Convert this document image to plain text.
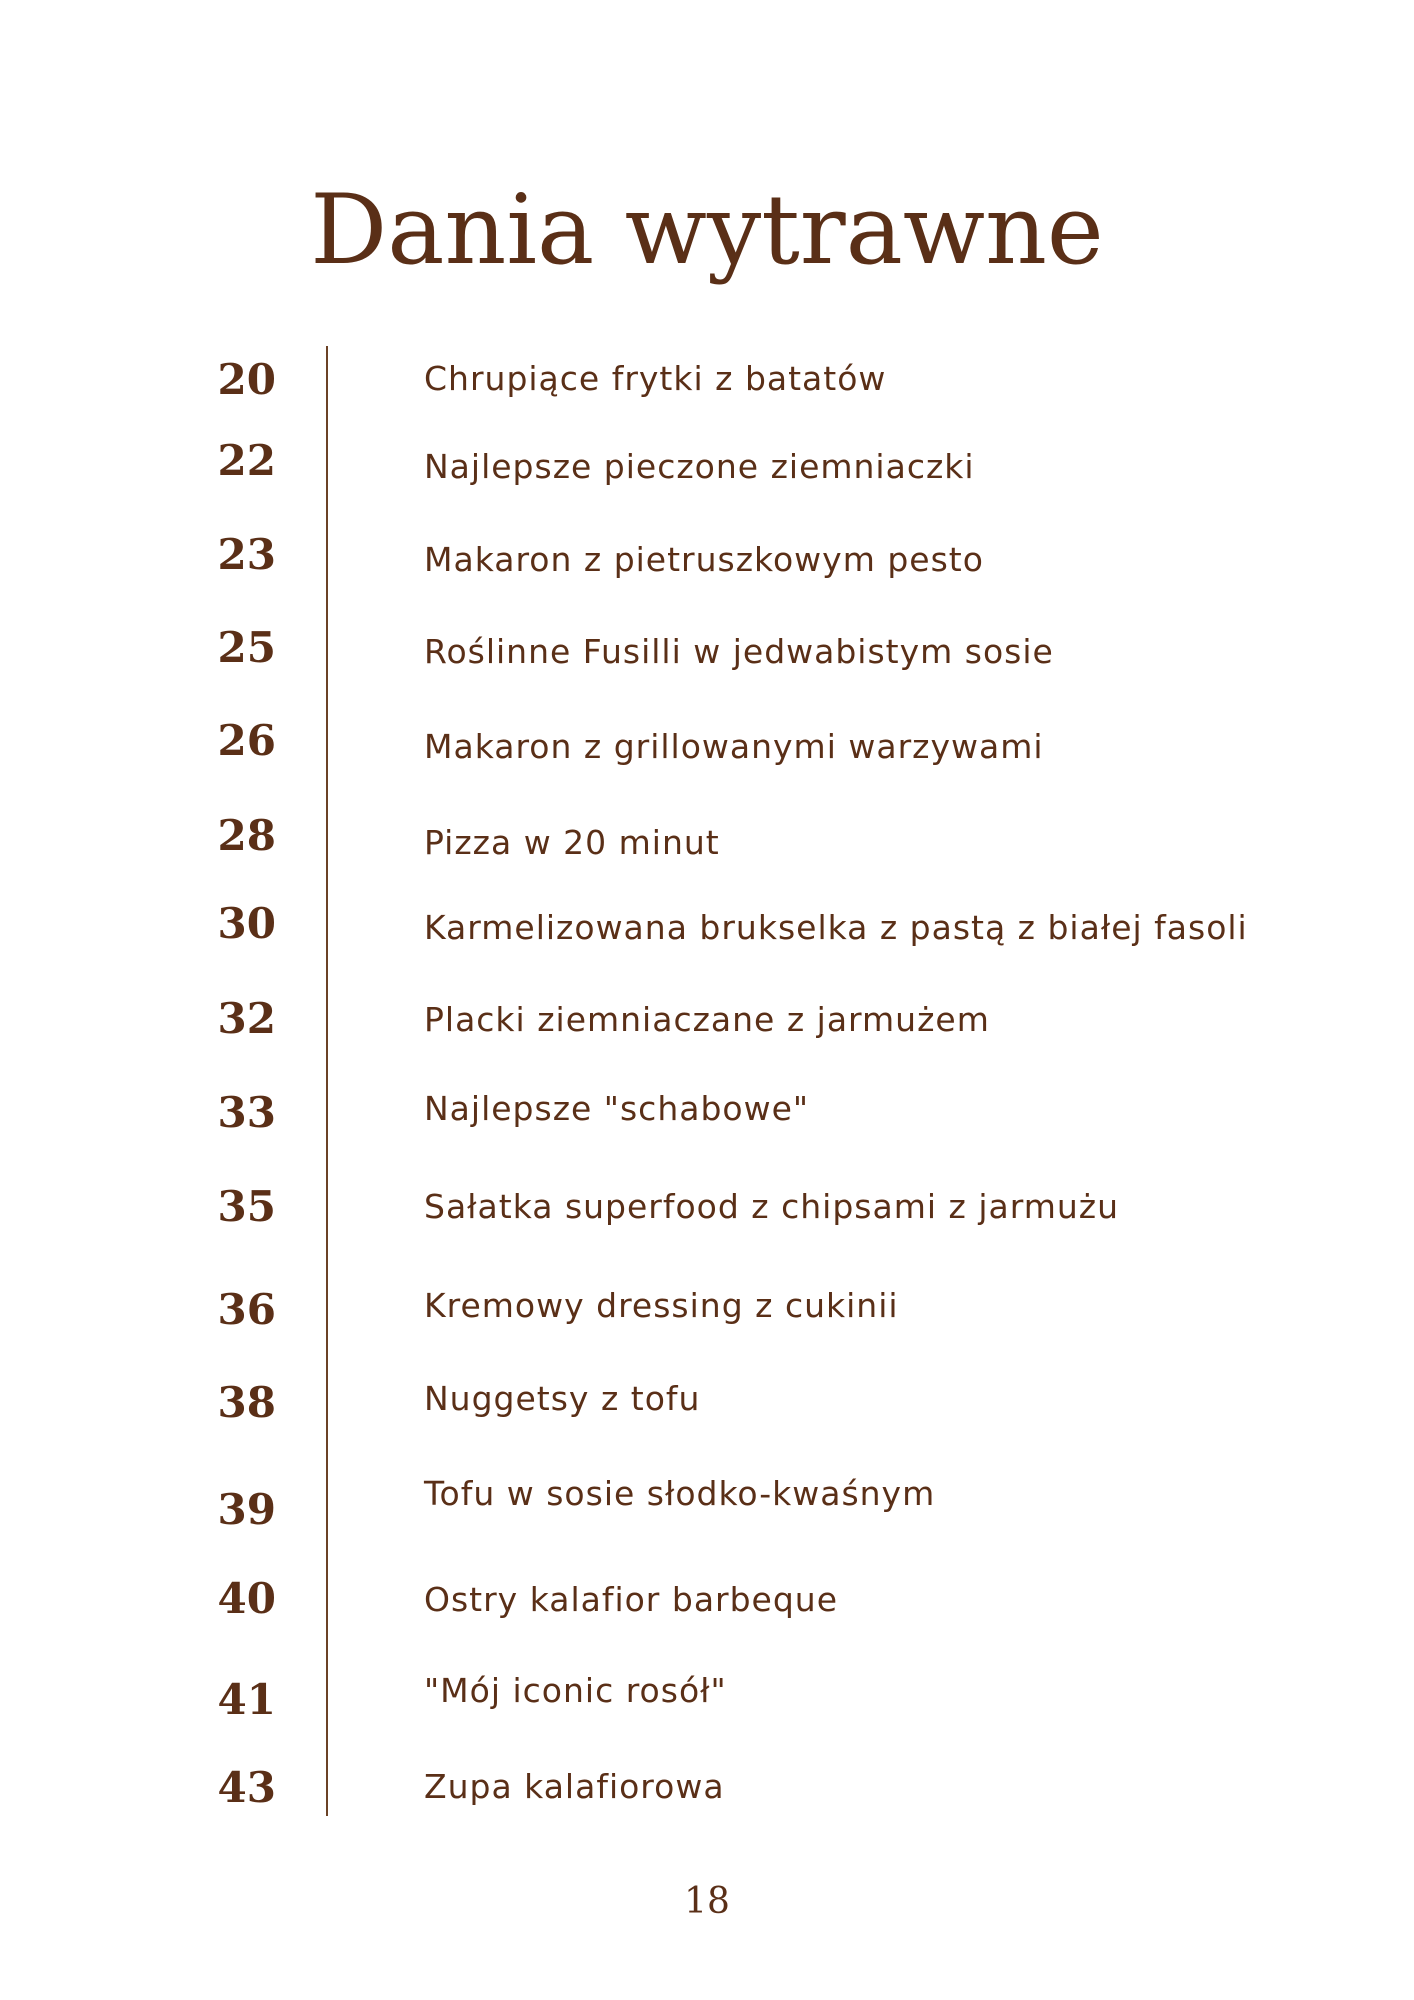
Dania wytrawne
20	Chrupiące frytki z batatów
22	Najlepsze pieczone ziemniaczki
23	Makaron z pietruszkowym pesto
25	Roślinne Fusilli w jedwabistym sosie
26	Makaron z grillowanymi warzywami
28	Pizza w 20 minut
30	Karmelizowana brukselka z pastą z białej fasoli
32	Placki ziemniaczane z jarmużem
33	Najlepsze "schabowe"
35	Sałatka superfood z chipsami z jarmużu
36	Kremowy dressing z cukinii
38	Nuggetsy z tofu
39	Tofu w sosie słodko-kwaśnym
40	Ostry kalafior barbeque
41	"Mój iconic rosół"
43	Zupa kalafiorowa
18
